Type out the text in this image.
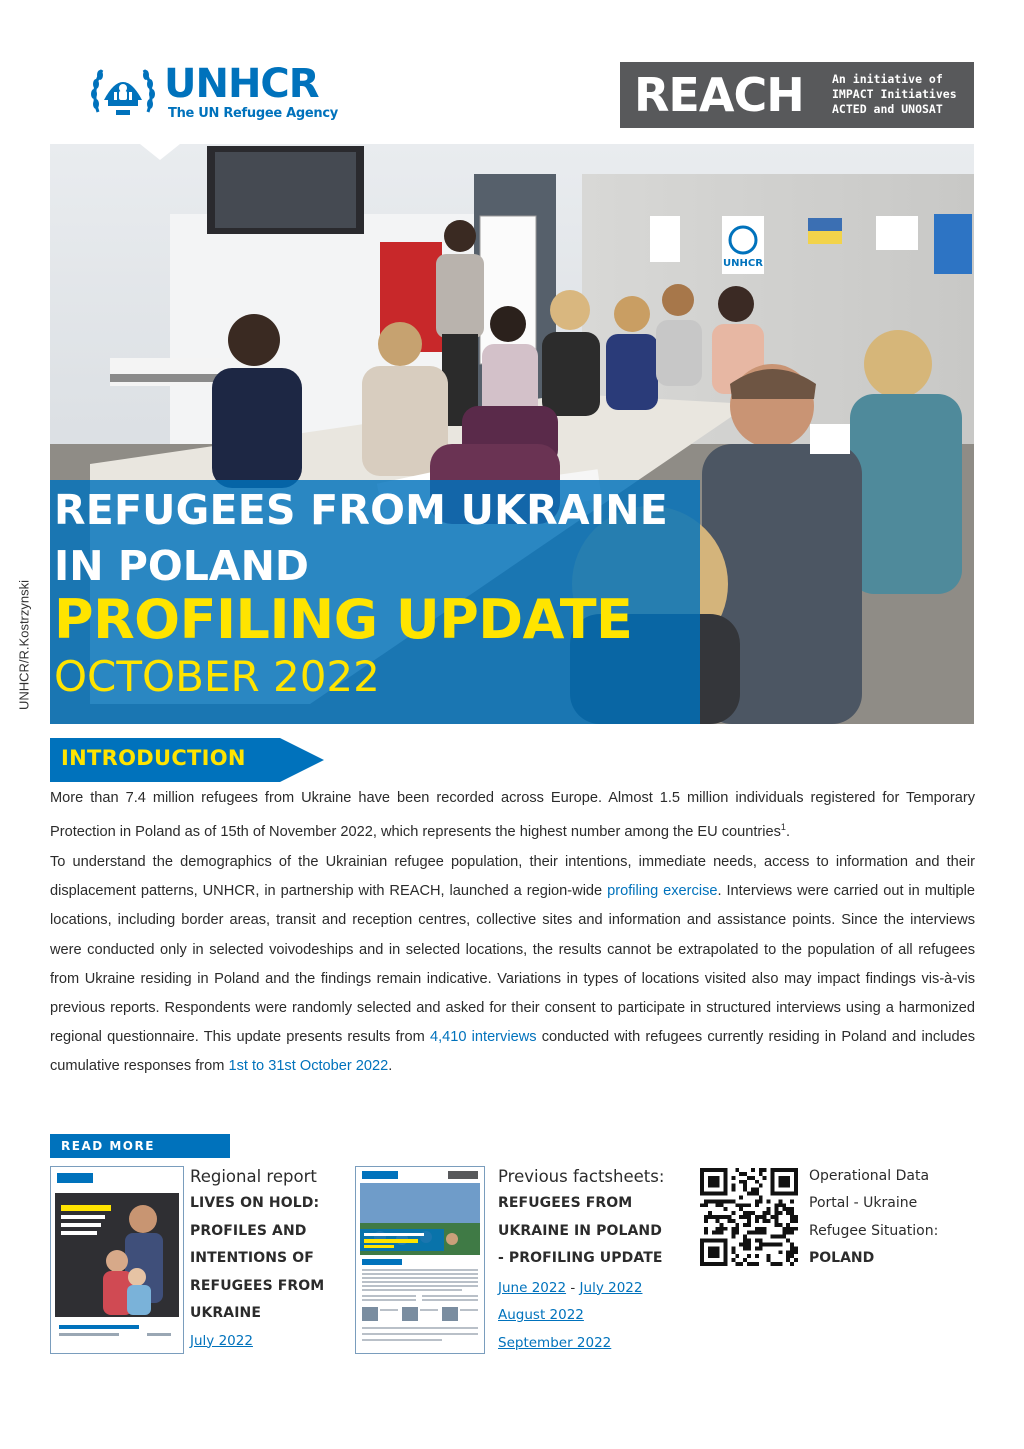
UNHCR
The UN Refugee Agency	REACH An initiative of
IMPACT Initiatives
ACTED and UNOSAT
UNHCR
REFUGEES FROM UKRAINE
IN POLAND
PROFILING UPDATE
OCTOBER 2022
UNHCR/R.Kostrzynski
INTRODUCTION
More than 7.4 million refugees from Ukraine have been recorded across Europe. Almost 1.5 million individuals registered for Temporary Protection in Poland as of 15th of November 2022, which represents the highest number among the EU countries$^1$.
To understand the demographics of the Ukrainian refugee population, their intentions, immediate needs, access to information and their displacement patterns, UNHCR, in partnership with REACH, launched a region-wide profiling exercise. Interviews were carried out in multiple locations, including border areas, transit and reception centres, collective sites and information and assistance points. Since the interviews were conducted only in selected voivodeships and in selected locations, the results cannot be extrapolated to the population of all refugees from Ukraine residing in Poland and the findings remain indicative. Variations in types of locations visited also may impact findings vis-à-vis previous reports. Respondents were randomly selected and asked for their consent to participate in structured interviews using a harmonized regional questionnaire. This update presents results from 4,410 interviews conducted with refugees currently residing in Poland and includes cumulative responses from 1st to 31st October 2022.
READ MORE
Regional report
LIVES ON HOLD:
PROFILES AND
INTENTIONS OF
REFUGEES FROM
UKRAINE
July 2022
Previous factsheets:
REFUGEES FROM
UKRAINE IN POLAND
- PROFILING UPDATE
June 2022 - July 2022
August 2022
September 2022
Operational Data
Portal - Ukraine
Refugee Situation:
POLAND
